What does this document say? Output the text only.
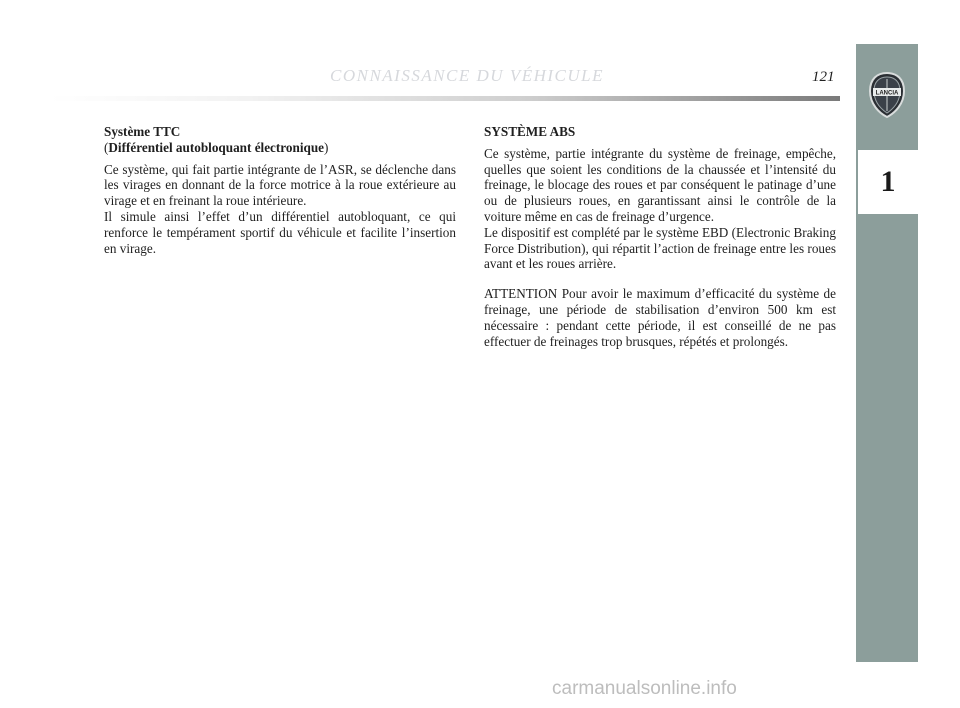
CONNAISSANCE DU VÉHICULE	121
LANCIA
1
Système TTC
(Différentiel autobloquant électronique)

Ce système, qui fait partie intégrante de l’ASR, se déclenche dans les virages en donnant de la force motrice à la roue extérieure au virage et en freinant la roue intérieure.

Il simule ainsi l’effet d’un différentiel autobloquant, ce qui renforce le tempérament sportif du véhicule et facilite l’insertion en virage.

SYSTÈME ABS

Ce système, partie intégrante du système de freinage, empêche, quelles que soient les conditions de la chaussée et l’intensité du freinage, le blocage des roues et par conséquent le patinage d’une ou de plusieurs roues, en garantissant ainsi le contrôle de la voiture même en cas de freinage d’urgence.

Le dispositif est complété par le système EBD (Electronic Braking Force Distribution), qui répartit l’action de freinage entre les roues avant et les roues arrière.

ATTENTION Pour avoir le maximum d’efficacité du système de freinage, une période de stabilisation d’environ 500 km est nécessaire : pendant cette période, il est conseillé de ne pas effectuer de freinages trop brusques, répétés et prolongés.

carmanualsonline.info
